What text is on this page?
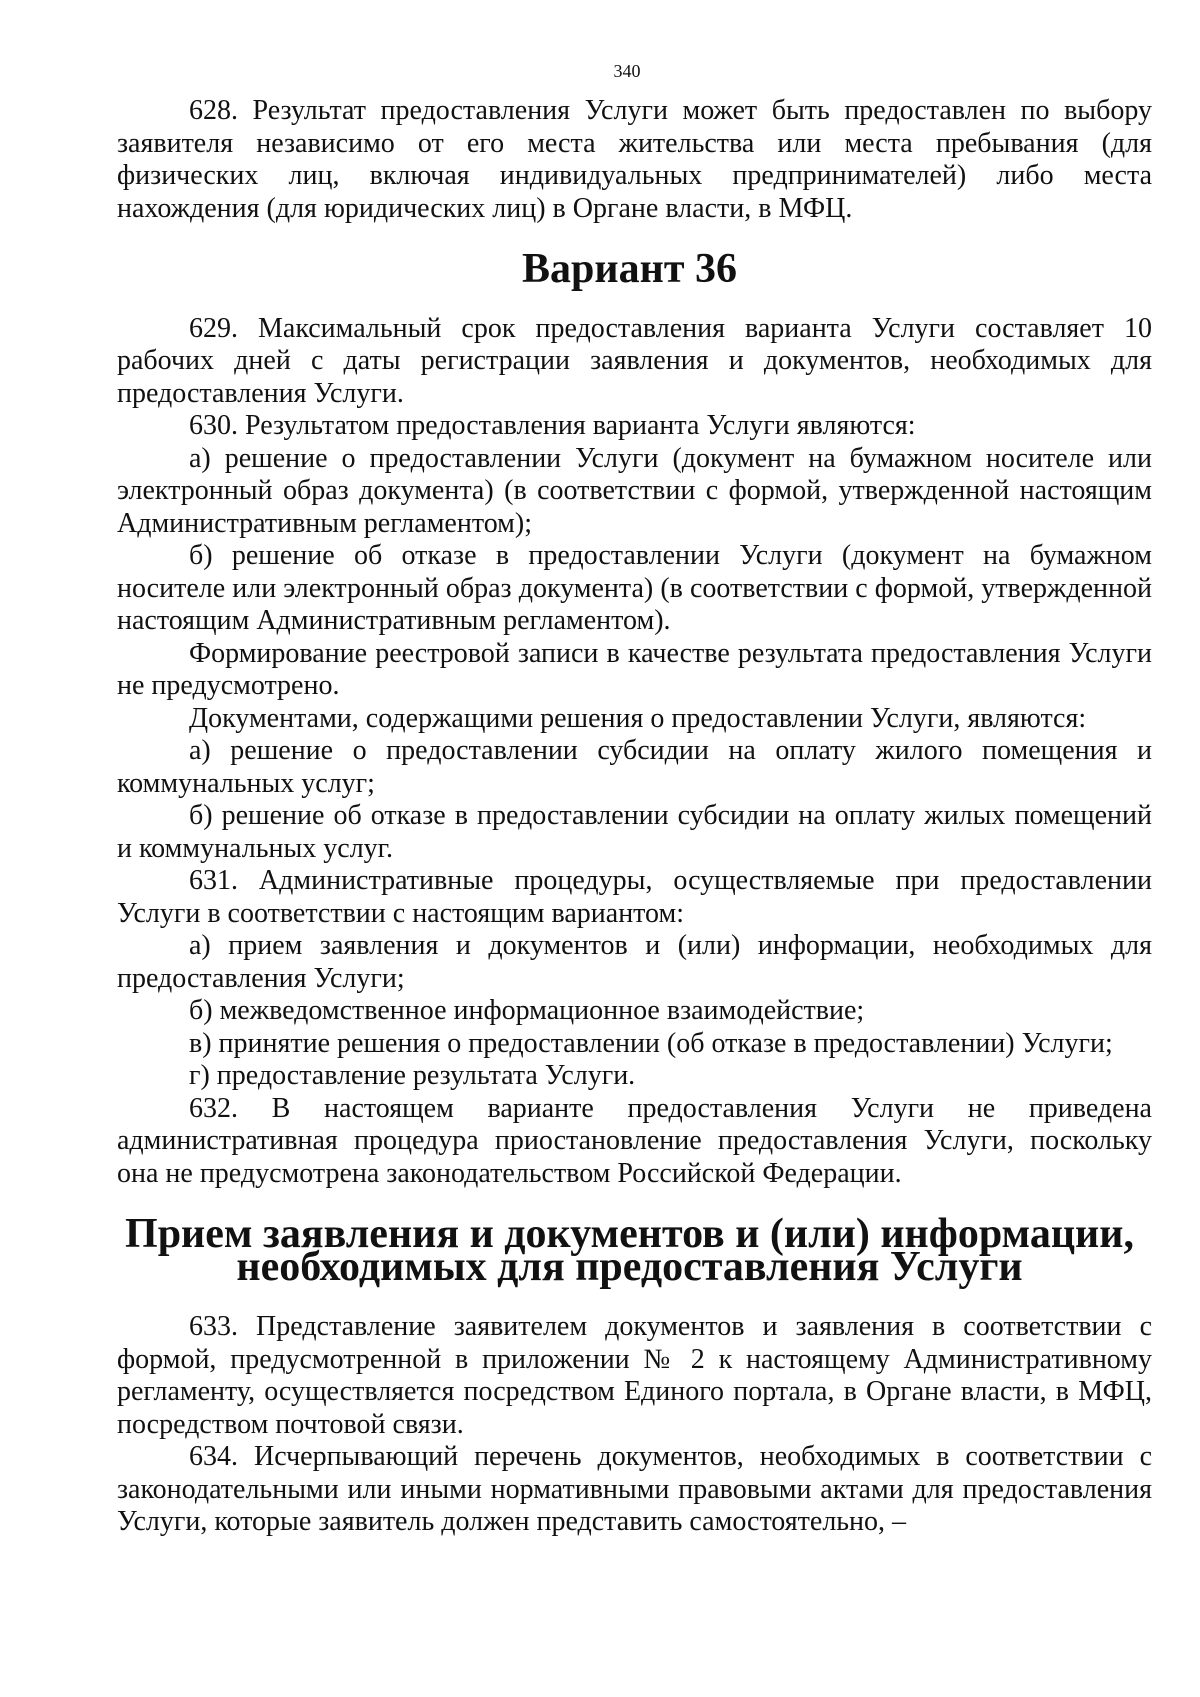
340

628. Результат предоставления Услуги может быть предоставлен по выбору заявителя независимо от его места жительства или места пребывания (для физических лиц, включая индивидуальных предпринимателей) либо места нахождения (для юридических лиц) в Органе власти, в МФЦ.

Вариант 36

629. Максимальный срок предоставления варианта Услуги составляет 10 рабочих дней с даты регистрации заявления и документов, необходимых для предоставления Услуги.

630. Результатом предоставления варианта Услуги являются:

а) решение о предоставлении Услуги (документ на бумажном носителе или электронный образ документа) (в соответствии с формой, утвержденной настоящим Административным регламентом);

б) решение об отказе в предоставлении Услуги (документ на бумажном носителе или электронный образ документа) (в соответствии с формой, утвержденной настоящим Административным регламентом).

Формирование реестровой записи в качестве результата предоставления Услуги не предусмотрено.

Документами, содержащими решения о предоставлении Услуги, являются:

а) решение о предоставлении субсидии на оплату жилого помещения и коммунальных услуг;

б) решение об отказе в предоставлении субсидии на оплату жилых помещений и коммунальных услуг.

631. Административные процедуры, осуществляемые при предоставлении Услуги в соответствии с настоящим вариантом:

а) прием заявления и документов и (или) информации, необходимых для предоставления Услуги;

б) межведомственное информационное взаимодействие;

в) принятие решения о предоставлении (об отказе в предоставлении) Услуги;

г) предоставление результата Услуги.

632. В настоящем варианте предоставления Услуги не приведена административная процедура приостановление предоставления Услуги, поскольку она не предусмотрена законодательством Российской Федерации.

Прием заявления и документов и (или) информации, необходимых для предоставления Услуги

633. Представление заявителем документов и заявления в соответствии с формой, предусмотренной в приложении № 2 к настоящему Административному регламенту, осуществляется посредством Единого портала, в Органе власти, в МФЦ, посредством почтовой связи.

634. Исчерпывающий перечень документов, необходимых в соответствии с законодательными или иными нормативными правовыми актами для предоставления Услуги, которые заявитель должен представить самостоятельно, –
